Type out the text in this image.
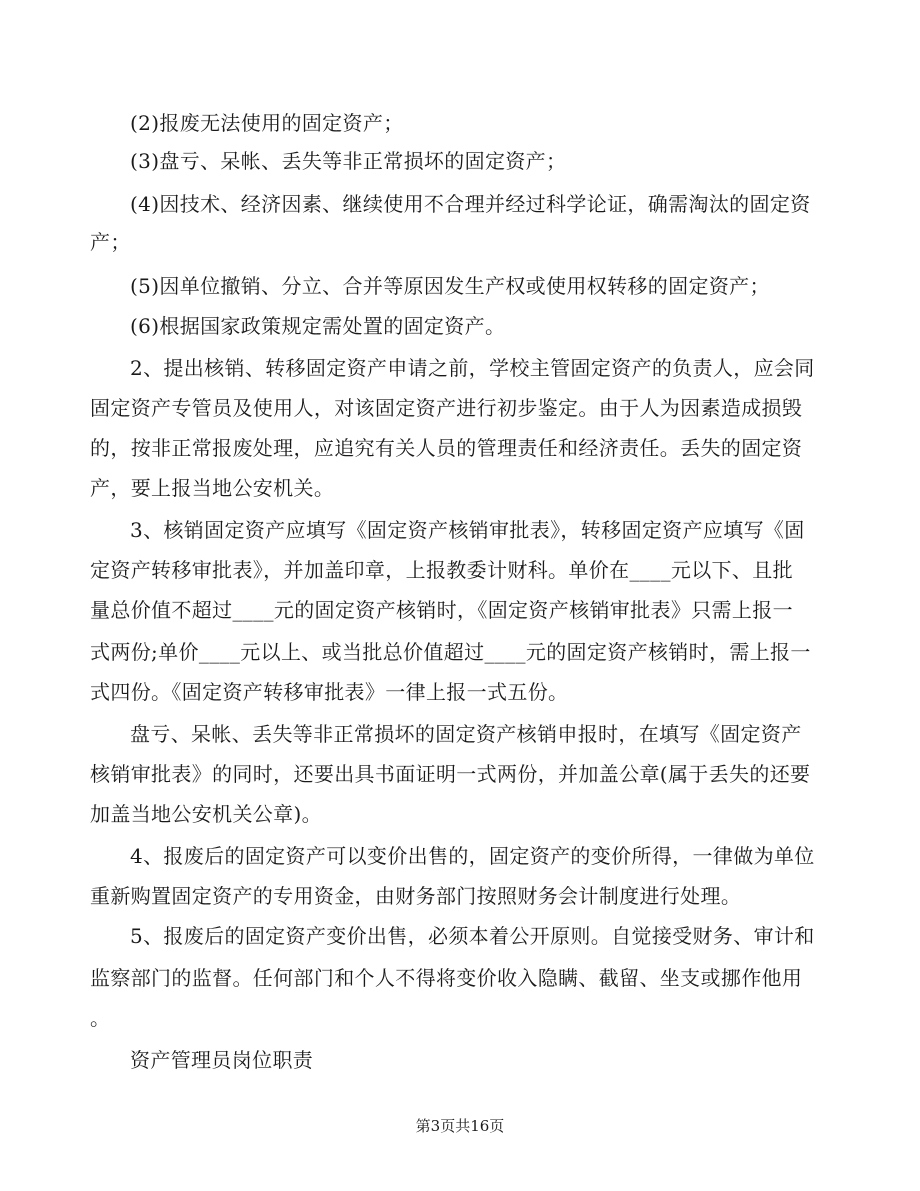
(2)报废无法使用的固定资产；
(3)盘亏、呆帐、丢失等非正常损坏的固定资产；
(4)因技术、经济因素、继续使用不合理并经过科学论证，确需淘汰的固定资
产；
(5)因单位撤销、分立、合并等原因发生产权或使用权转移的固定资产；
(6)根据国家政策规定需处置的固定资产。
2、提出核销、转移固定资产申请之前，学校主管固定资产的负责人，应会同
固定资产专管员及使用人，对该固定资产进行初步鉴定。由于人为因素造成损毁
的，按非正常报废处理，应追究有关人员的管理责任和经济责任。丢失的固定资
产，要上报当地公安机关。
3、核销固定资产应填写《固定资产核销审批表》，转移固定资产应填写《固
定资产转移审批表》，并加盖印章，上报教委计财科。单价在____元以下、且批
量总价值不超过____元的固定资产核销时，《固定资产核销审批表》只需上报一
式两份;单价____元以上、或当批总价值超过____元的固定资产核销时，需上报一
式四份。《固定资产转移审批表》一律上报一式五份。
盘亏、呆帐、丢失等非正常损坏的固定资产核销申报时，在填写《固定资产
核销审批表》的同时，还要出具书面证明一式两份，并加盖公章(属于丢失的还要
加盖当地公安机关公章)。
4、报废后的固定资产可以变价出售的，固定资产的变价所得，一律做为单位
重新购置固定资产的专用资金，由财务部门按照财务会计制度进行处理。
5、报废后的固定资产变价出售，必须本着公开原则。自觉接受财务、审计和
监察部门的监督。任何部门和个人不得将变价收入隐瞒、截留、坐支或挪作他用
。
资产管理员岗位职责
第3页共16页
